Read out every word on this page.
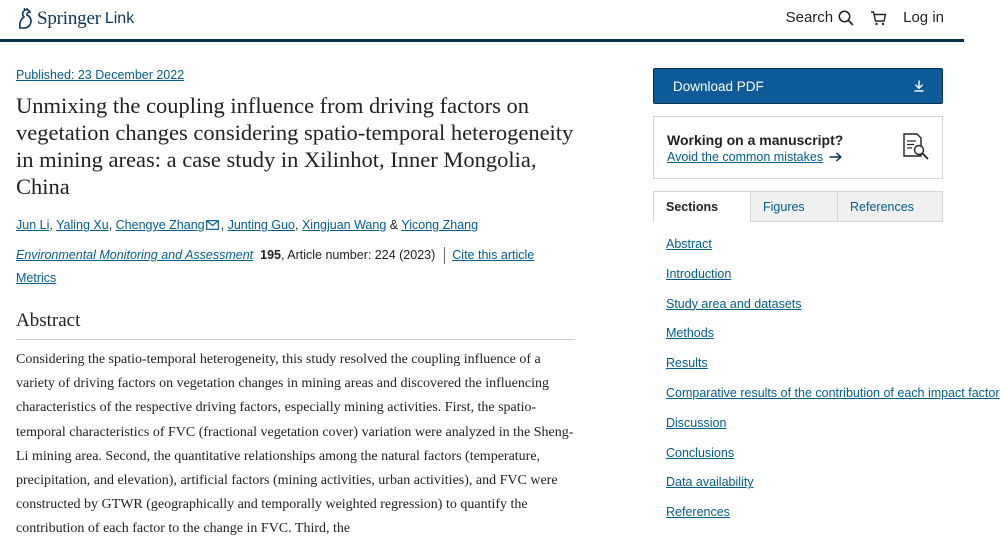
Springer Link	Search	Log in
Published: 23 December 2022
Unmixing the coupling influence from driving factors on vegetation changes considering spatio-temporal heterogeneity in mining areas: a case study in Xilinhot, Inner Mongolia, China
Jun Li, Yaling Xu, Chengye Zhang , Junting Guo, Xingjuan Wang & Yicong Zhang
Environmental Monitoring and Assessment 195 , Article number: 224 (2023) Cite this article
Metrics
Abstract

Considering the spatio-temporal heterogeneity, this study resolved the coupling influence of a variety of driving factors on vegetation changes in mining areas and discovered the influencing characteristics of the respective driving factors, especially mining activities. First, the spatio-temporal characteristics of FVC (fractional vegetation cover) variation were analyzed in the Sheng-Li mining area. Second, the quantitative relationships among the natural factors (temperature, precipitation, and elevation), artificial factors (mining activities, urban activities), and FVC were constructed by GTWR (geographically and temporally weighted regression) to quantify the contribution of each factor to the change in FVC. Third, the

Download PDF
Working on a manuscript?
Avoid the common mistakes
Sections	Figures	References
Abstract
Introduction
Study area and datasets
Methods
Results
Comparative results of the contribution of each impact factor
Discussion
Conclusions
Data availability
References
